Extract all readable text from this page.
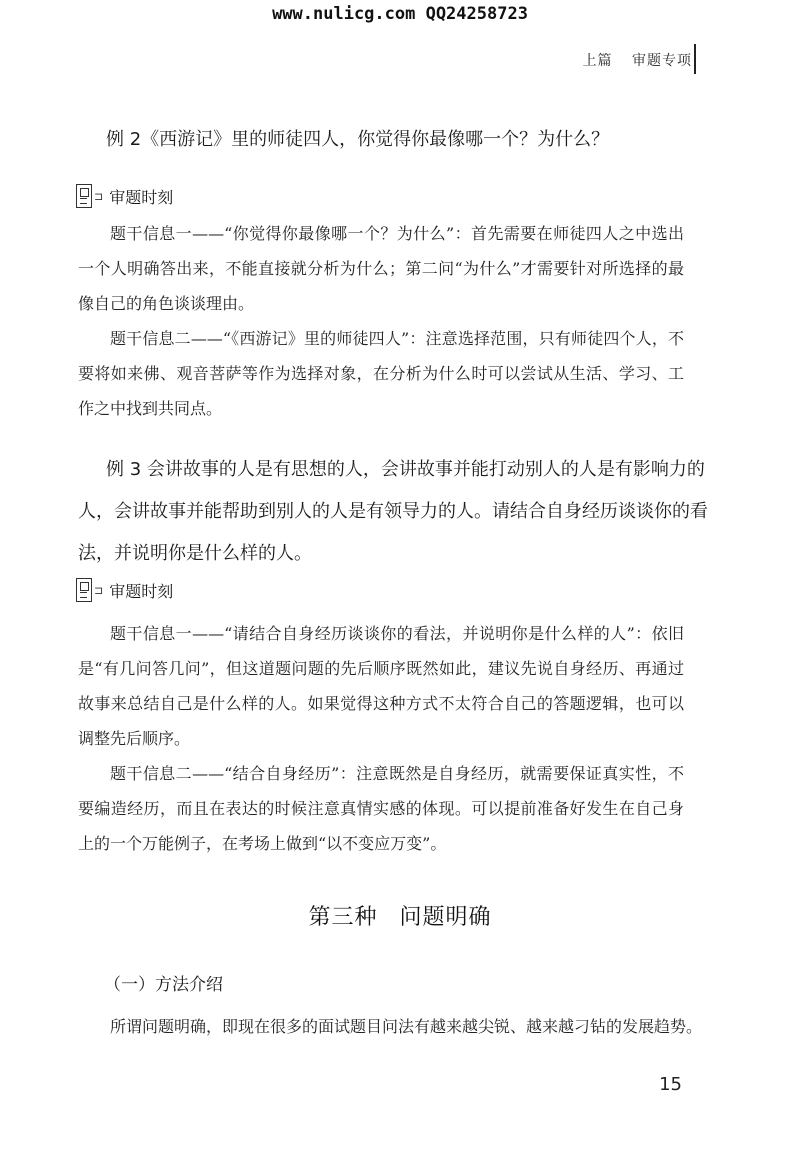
www.nulicg.com QQ24258723
上篇 审题专项

例 2《西游记》里的师徒四人，你觉得你最像哪一个？为什么？

⊐ 审题时刻

题干信息一——“你觉得你最像哪一个？为什么”：首先需要在师徒四人之中选出一个人明确答出来，不能直接就分析为什么；第二问“为什么”才需要针对所选择的最像自己的角色谈谈理由。

题干信息二——“《西游记》里的师徒四人”：注意选择范围，只有师徒四个人，不要将如来佛、观音菩萨等作为选择对象，在分析为什么时可以尝试从生活、学习、工作之中找到共同点。

例 3 会讲故事的人是有思想的人，会讲故事并能打动别人的人是有影响力的人，会讲故事并能帮助到别人的人是有领导力的人。请结合自身经历谈谈你的看法，并说明你是什么样的人。

⊐ 审题时刻

题干信息一——“请结合自身经历谈谈你的看法，并说明你是什么样的人”：依旧是“有几问答几问”，但这道题问题的先后顺序既然如此，建议先说自身经历、再通过故事来总结自己是什么样的人。如果觉得这种方式不太符合自己的答题逻辑，也可以调整先后顺序。

题干信息二——“结合自身经历”：注意既然是自身经历，就需要保证真实性，不要编造经历，而且在表达的时候注意真情实感的体现。可以提前准备好发生在自己身上的一个万能例子，在考场上做到“以不变应万变”。

第三种 问题明确
（一）方法介绍
所谓问题明确，即现在很多的面试题目问法有越来越尖锐、越来越刁钻的发展趋势。
15
